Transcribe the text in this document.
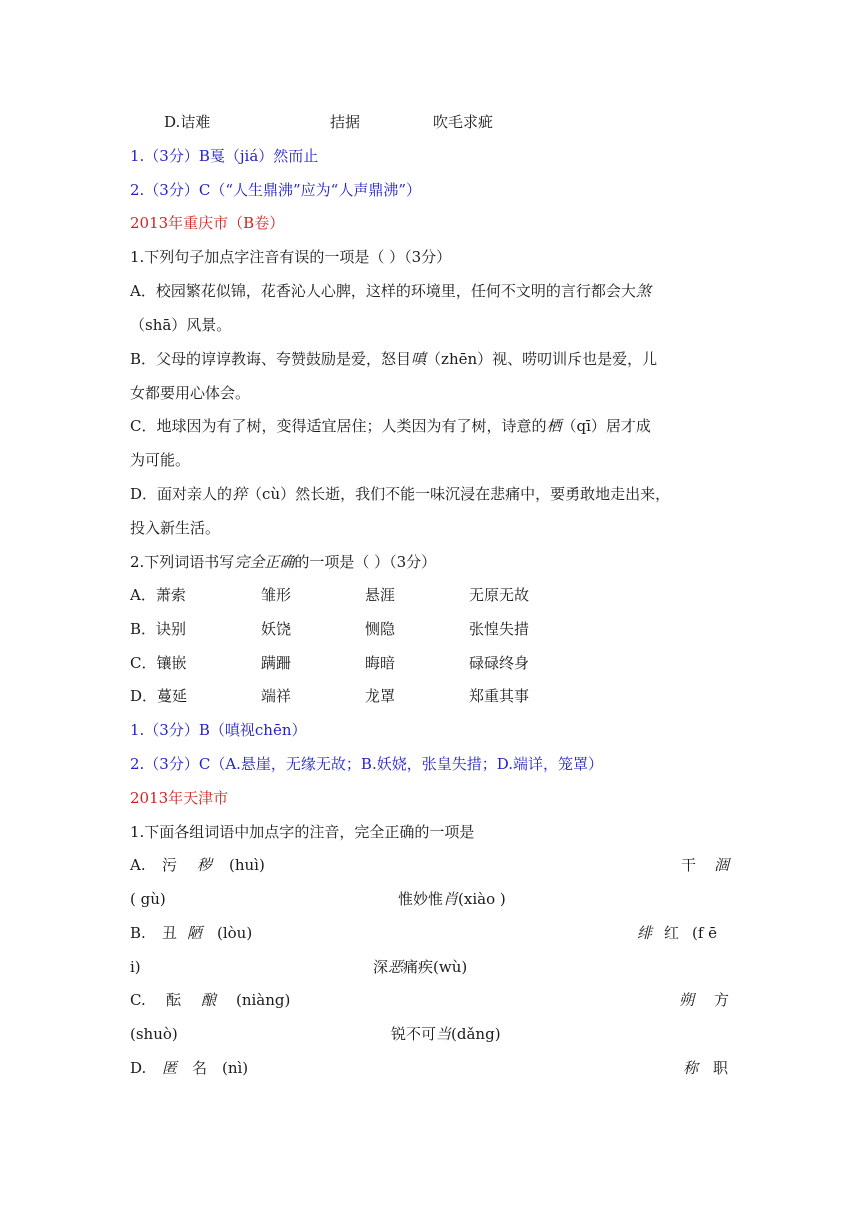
D.诘难	拮据	吹毛求疵
1.（3分）B戛（jiá）然而止
2.（3分）C（“人生鼎沸”应为“人声鼎沸”）
2013年重庆市（B卷）
1.下列句子加点字注音有误的一项是（ ）（3分）
A．校园繁花似锦，花香沁人心脾，这样的环境里，任何不文明的言行都会大煞
（shā）风景。
B．父母的谆谆教诲、夸赞鼓励是爱，怒目嗔（zhēn）视、唠叨训斥也是爱，儿
女都要用心体会。
C．地球因为有了树，变得适宜居住；人类因为有了树，诗意的栖（qī）居才成
为可能。
D．面对亲人的猝（cù）然长逝，我们不能一味沉浸在悲痛中，要勇敢地走出来，
投入新生活。
2.下列词语书写完全正确的一项是（ ）（3分）
A．萧索	雏形	悬涯	无原无故
B．诀别	妖饶	恻隐	张惶失措
C．镶嵌	蹒跚	晦暗	碌碌终身
D．蔓延	端祥	龙罩	郑重其事
1.（3分）B（嗔视chēn）
2.（3分）C（A.悬崖，无缘无故；B.妖娆，张皇失措；D.端详，笼罩）
2013年天津市
1.下面各组词语中加点字的注音，完全正确的一项是
A. 污 秽 (huì)	干 涸
( gù)	惟妙惟肖(xiào )
B. 丑 陋 (lòu)	绯 红 (f ē
i)	深恶痛疾(wù)
C. 酝 酿 (niàng)	朔 方
(shuò)	锐不可当(dǎng)
D. 匿 名 (nì)	称 职
